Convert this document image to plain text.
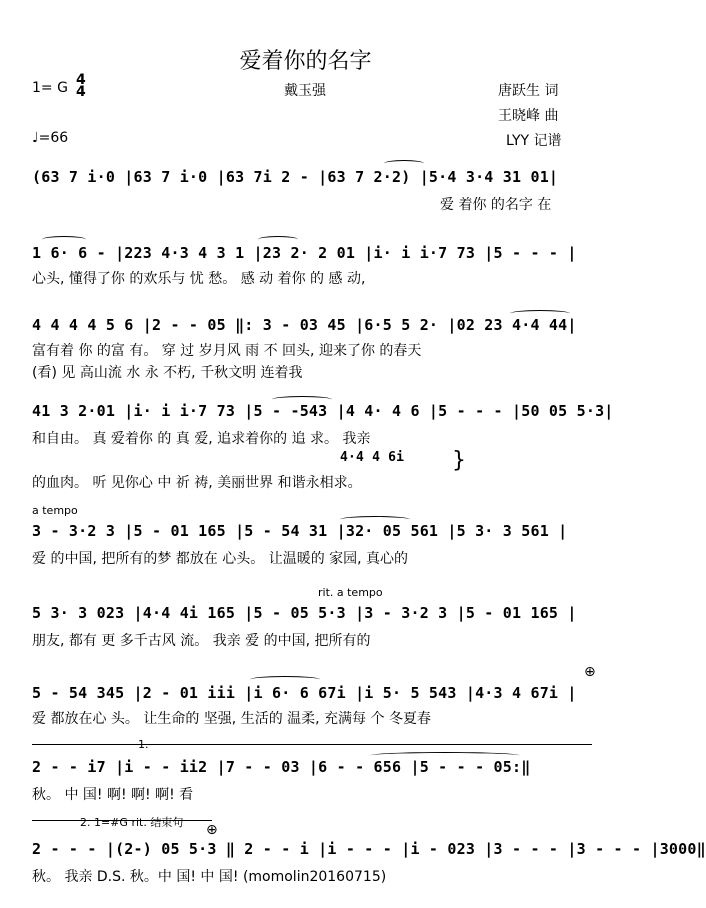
爱着你的名字
1= G 4
4	戴玉强	唐跃生 词
王晓峰 曲
LYY 记谱
♩=66
(63 7 i·0 |63 7 i·0 |63 7i 2 - |63 7 2·2) |5·4 3·4 31 01|
爱 着你 的名字 在
1 6· 6 - |223 4·3 4 3 1 |23 2· 2 01 |i· i i·7 73 |5 - - - |
心头, 懂得了你 的欢乐与 忧 愁。 感 动 着你 的 感 动,
4 4 4 4 5 6 |2 - - 05 ‖: 3 - 03 45 |6·5 5 2· |02 23 4·4 44|
富有着 你 的富 有。 穿 过 岁月风 雨 不 回头, 迎来了你 的春天
(看) 见 高山流 水 永 不朽, 千秋文明 连着我
41 3 2·01 |i· i i·7 73 |5 - -543 |4 4· 4 6 |5 - - - |50 05 5·3|
和自由。 真 爱着你 的 真 爱, 追求着你的 追 求。 我亲
4·4 4 6i
的血肉。 听 见你心 中 祈 祷, 美丽世界 和谐永相求。
}
a tempo
3 - 3·2 3 |5 - 01 165 |5 - 54 31 |32· 05 561 |5 3· 3 561 |
爱 的中国, 把所有的梦 都放在 心头。 让温暖的 家园, 真心的
rit. a tempo
5 3· 3 023 |4·4 4i 165 |5 - 05 5·3 |3 - 3·2 3 |5 - 01 165 |
朋友, 都有 更 多千古风 流。 我亲 爱 的中国, 把所有的
5 - 54 345 |2 - 01 iii |i 6· 6 67i |i 5· 5 543 |4·3 4 67i |
爱 都放在心 头。 让生命的 坚强, 生活的 温柔, 充满每 个 冬夏春
⊕
1.
2 - - i7 |i - - ii2 |7 - - 03 |6 - - 656 |5 - - - 05:‖
秋。 中 国! 啊! 啊! 啊! 看
2. 1=#G rit. 结束句 ⊕
2 - - - |(2-) 05 5·3 ‖ 2 - - i |i - - - |i - 023 |3 - - - |3 - - - |3000‖
秋。 我亲 D.S. 秋。中 国! 中 国! (momolin20160715)
